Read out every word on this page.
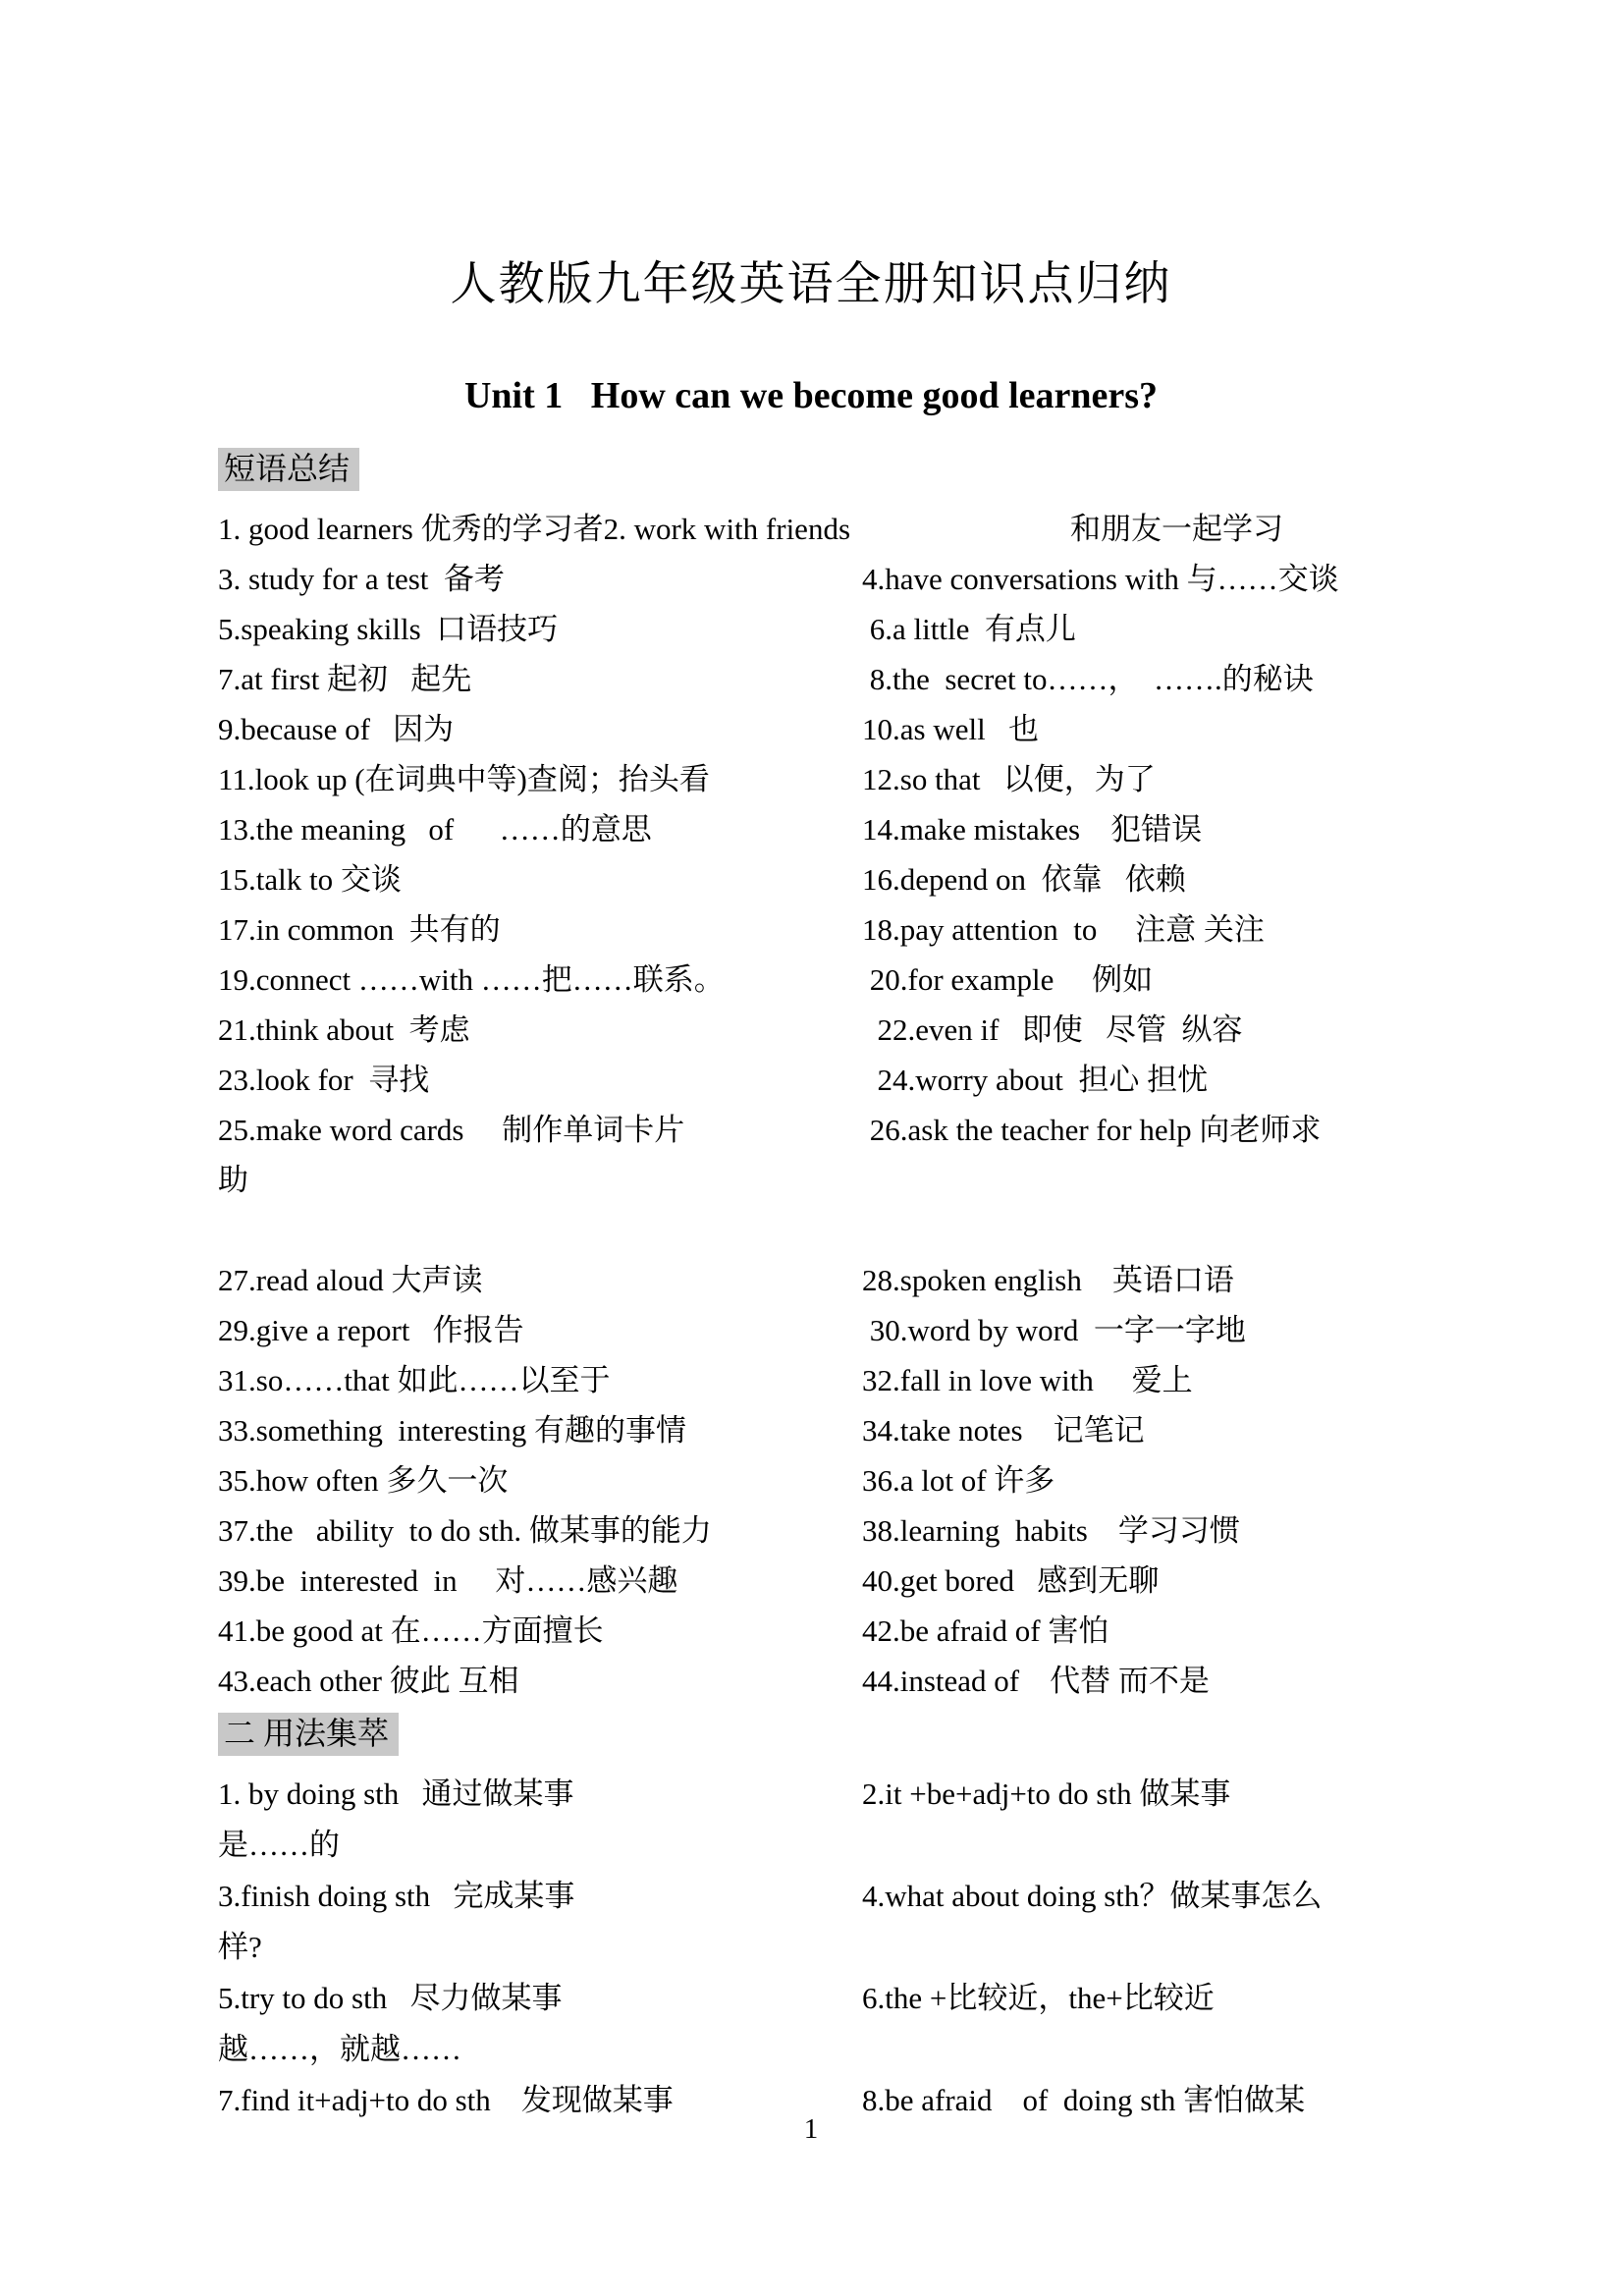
人教版九年级英语全册知识点归纳
Unit 1   How can we become good learners?
短语总结
1. good learners 优秀的学习者2. work with friends	和朋友一起学习
3. study for a test  备考	4.have conversations with 与……交谈
5.speaking skills  口语技巧	6.a little  有点儿
7.at first 起初   起先	8.the  secret to……，  …….的秘诀
9.because of   因为	10.as well   也
11.look up (在词典中等)查阅；抬头看	12.so that   以便，为了
13.the meaning   of      ……的意思	14.make mistakes    犯错误
15.talk to 交谈	16.depend on  依靠   依赖
17.in common  共有的	18.pay attention  to     注意 关注
19.connect ……with ……把……联系。	20.for example     例如
21.think about  考虑	22.even if   即使   尽管  纵容
23.look for  寻找	24.worry about  担心 担忧
25.make word cards     制作单词卡片	26.ask the teacher for help 向老师求
助
27.read aloud 大声读	28.spoken english    英语口语
29.give a report   作报告	30.word by word  一字一字地
31.so……that 如此……以至于	32.fall in love with     爱上
33.something  interesting 有趣的事情	34.take notes    记笔记
35.how often 多久一次	36.a lot of 许多
37.the   ability  to do sth. 做某事的能力	38.learning  habits    学习习惯
39.be  interested  in     对……感兴趣	40.get bored   感到无聊
41.be good at 在……方面擅长	42.be afraid of 害怕
43.each other 彼此 互相	44.instead of    代替 而不是
二 用法集萃
1. by doing sth   通过做某事	2.it +be+adj+to do sth 做某事
是……的
3.finish doing sth   完成某事	4.what about doing sth？做某事怎么
样?
5.try to do sth   尽力做某事	6.the +比较近，the+比较近
越……，就越……
7.find it+adj+to do sth    发现做某事	8.be afraid    of  doing sth 害怕做某
1
